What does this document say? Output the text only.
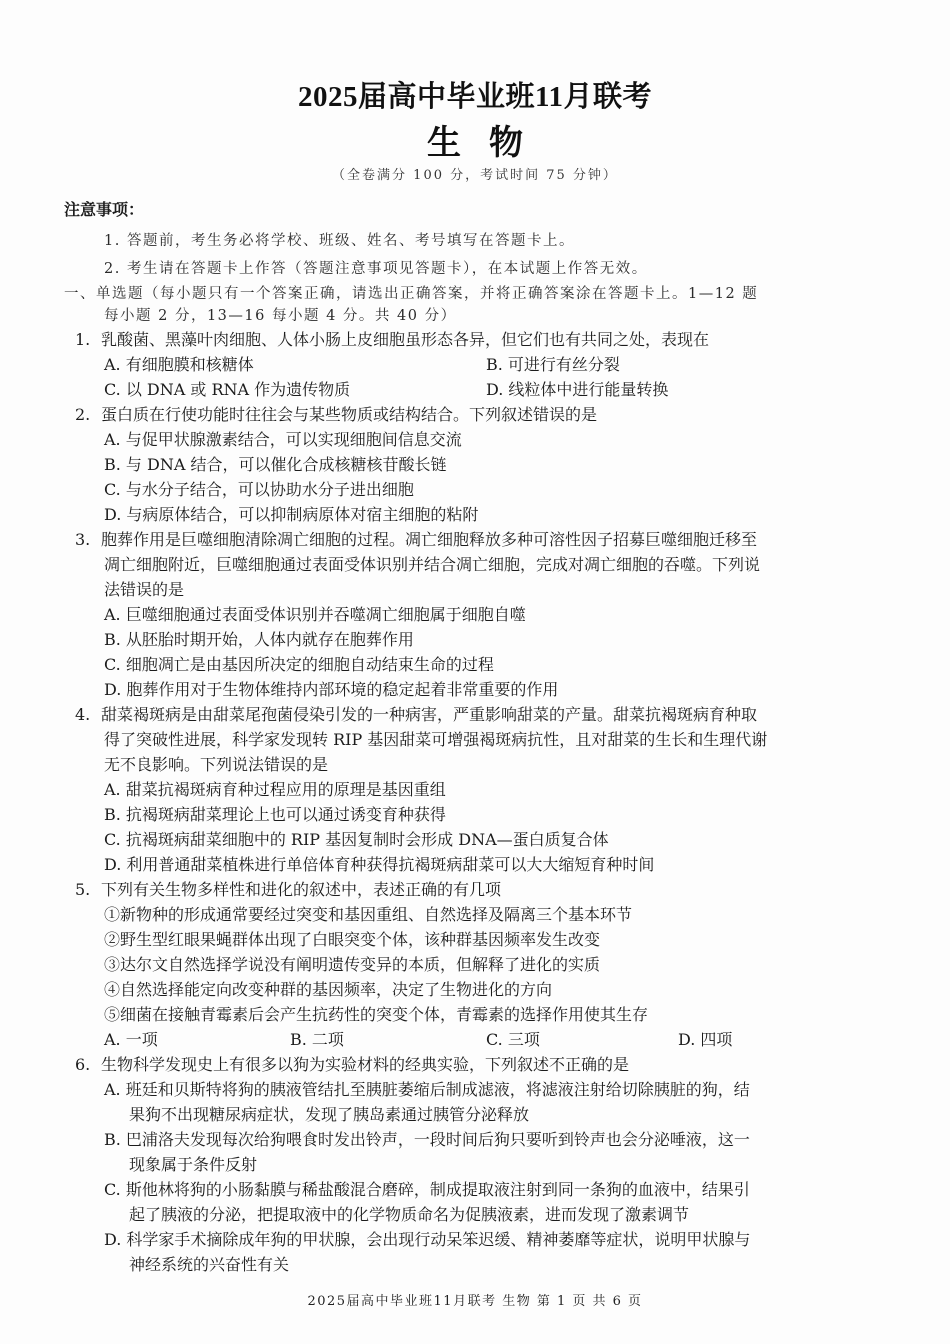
2025届高中毕业班11月联考
生物
（全卷满分 100 分，考试时间 75 分钟）
注意事项：
1. 答题前，考生务必将学校、班级、姓名、考号填写在答题卡上。
2. 考生请在答题卡上作答（答题注意事项见答题卡），在本试题上作答无效。
一、单选题（每小题只有一个答案正确，请选出正确答案，并将正确答案涂在答题卡上。1—12 题
每小题 2 分，13—16 每小题 4 分。共 40 分）
1. 乳酸菌、黑藻叶肉细胞、人体小肠上皮细胞虽形态各异，但它们也有共同之处，表现在
A. 有细胞膜和核糖体	B. 可进行有丝分裂
C. 以 DNA 或 RNA 作为遗传物质	D. 线粒体中进行能量转换
2. 蛋白质在行使功能时往往会与某些物质或结构结合。下列叙述错误的是
A. 与促甲状腺激素结合，可以实现细胞间信息交流
B. 与 DNA 结合，可以催化合成核糖核苷酸长链
C. 与水分子结合，可以协助水分子进出细胞
D. 与病原体结合，可以抑制病原体对宿主细胞的粘附
3. 胞葬作用是巨噬细胞清除凋亡细胞的过程。凋亡细胞释放多种可溶性因子招募巨噬细胞迁移至
凋亡细胞附近，巨噬细胞通过表面受体识别并结合凋亡细胞，完成对凋亡细胞的吞噬。下列说
法错误的是
A. 巨噬细胞通过表面受体识别并吞噬凋亡细胞属于细胞自噬
B. 从胚胎时期开始，人体内就存在胞葬作用
C. 细胞凋亡是由基因所决定的细胞自动结束生命的过程
D. 胞葬作用对于生物体维持内部环境的稳定起着非常重要的作用
4. 甜菜褐斑病是由甜菜尾孢菌侵染引发的一种病害，严重影响甜菜的产量。甜菜抗褐斑病育种取
得了突破性进展，科学家发现转 RIP 基因甜菜可增强褐斑病抗性，且对甜菜的生长和生理代谢
无不良影响。下列说法错误的是
A. 甜菜抗褐斑病育种过程应用的原理是基因重组
B. 抗褐斑病甜菜理论上也可以通过诱变育种获得
C. 抗褐斑病甜菜细胞中的 RIP 基因复制时会形成 DNA—蛋白质复合体
D. 利用普通甜菜植株进行单倍体育种获得抗褐斑病甜菜可以大大缩短育种时间
5. 下列有关生物多样性和进化的叙述中，表述正确的有几项
①新物种的形成通常要经过突变和基因重组、自然选择及隔离三个基本环节
②野生型红眼果蝇群体出现了白眼突变个体，该种群基因频率发生改变
③达尔文自然选择学说没有阐明遗传变异的本质，但解释了进化的实质
④自然选择能定向改变种群的基因频率，决定了生物进化的方向
⑤细菌在接触青霉素后会产生抗药性的突变个体，青霉素的选择作用使其生存
A. 一项	B. 二项	C. 三项	D. 四项
6. 生物科学发现史上有很多以狗为实验材料的经典实验，下列叙述不正确的是
A. 班廷和贝斯特将狗的胰液管结扎至胰脏萎缩后制成滤液，将滤液注射给切除胰脏的狗，结
果狗不出现糖尿病症状，发现了胰岛素通过胰管分泌释放
B. 巴浦洛夫发现每次给狗喂食时发出铃声，一段时间后狗只要听到铃声也会分泌唾液，这一
现象属于条件反射
C. 斯他林将狗的小肠黏膜与稀盐酸混合磨碎，制成提取液注射到同一条狗的血液中，结果引
起了胰液的分泌，把提取液中的化学物质命名为促胰液素，进而发现了激素调节
D. 科学家手术摘除成年狗的甲状腺，会出现行动呆笨迟缓、精神萎靡等症状，说明甲状腺与
神经系统的兴奋性有关
2025届高中毕业班11月联考 生物 第 1 页 共 6 页
